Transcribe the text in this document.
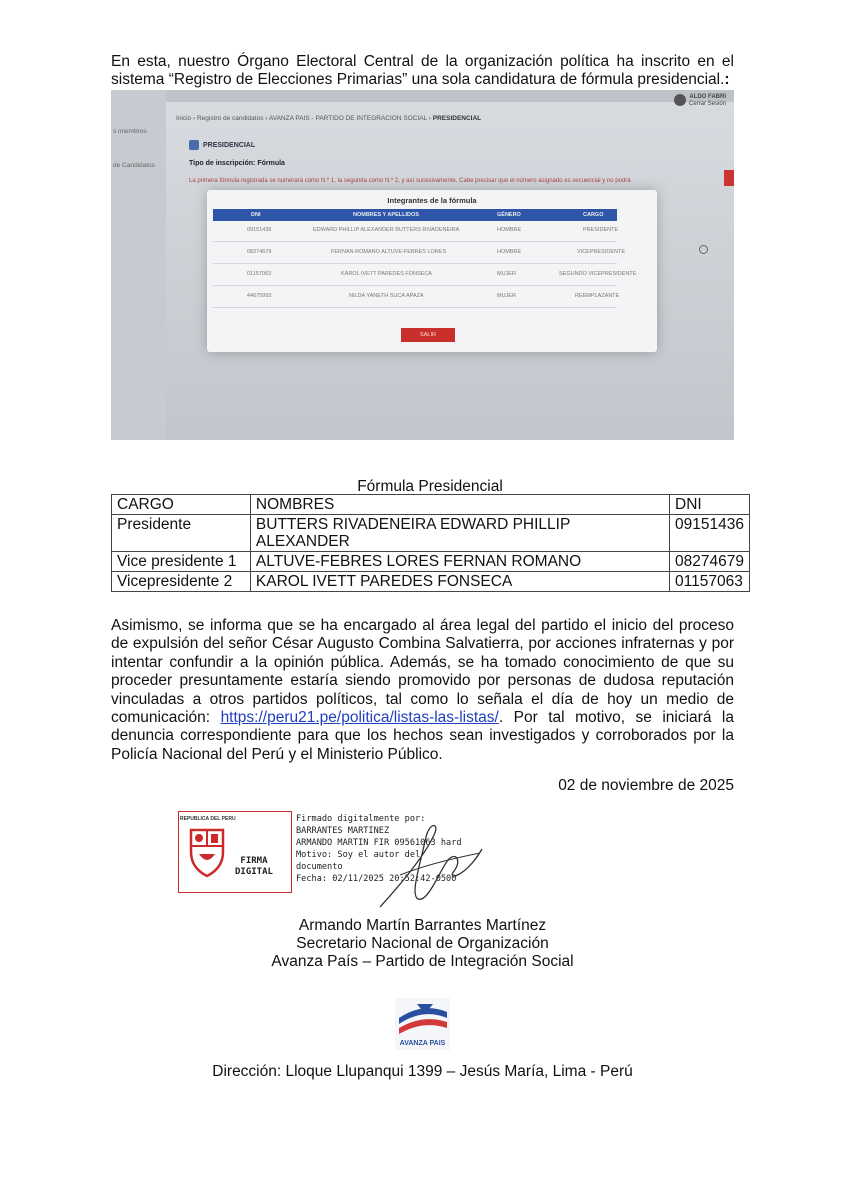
En esta, nuestro Órgano Electoral Central de la organización política ha inscrito en el sistema “Registro de Elecciones Primarias” una sola candidatura de fórmula presidencial.:

s miembros
de Candidatos
ALDO FABRI
Cerrar Sesión
Inicio › Registro de candidatos › AVANZA PAIS - PARTIDO DE INTEGRACION SOCIAL › PRESIDENCIAL
PRESIDENCIAL
Tipo de inscripción: Fórmula
La primera fórmula registrada se numerará como N.º 1, la segunda como N.º 2, y así sucesivamente. Cabe precisar que el número asignado es secuencial y no podrá
Integrantes de la fórmula
DNI	NOMBRES Y APELLIDOS	GÉNERO	CARGO
09151436	EDWARD PHILLIP ALEXANDER BUTTERS RIVADENEIRA	HOMBRE	PRESIDENTE
08274679	FERNAN ROMANO ALTUVE-FEBRES LORES	HOMBRE	VICEPRESIDENTE
01157063	KAROL IVETT PAREDES FONSECA	MUJER	SEGUNDO VICEPRESIDENTE
44675993	NILDA YANETH SUCA APAZA	MUJER	REEMPLAZANTE
SALIR
Fórmula Presidencial
CARGO	NOMBRES	DNI
Presidente	BUTTERS RIVADENEIRA EDWARD PHILLIP ALEXANDER	09151436
Vice presidente 1	ALTUVE-FEBRES LORES FERNAN ROMANO	08274679
Vicepresidente 2	KAROL IVETT PAREDES FONSECA	01157063

Asimismo, se informa que se ha encargado al área legal del partido el inicio del proceso de expulsión del señor César Augusto Combina Salvatierra, por acciones infraternas y por intentar confundir a la opinión pública. Además, se ha tomado conocimiento de que su proceder presuntamente estaría siendo promovido por personas de dudosa reputación vinculadas a otros partidos políticos, tal como lo señala el día de hoy un medio de comunicación: https://peru21.pe/politica/listas-las-listas/. Por tal motivo, se iniciará la denuncia correspondiente para que los hechos sean investigados y corroborados por la Policía Nacional del Perú y el Ministerio Público.

02 de noviembre de 2025
REPUBLICA DEL PERU
FIRMA
DIGITAL
Firmado digitalmente por:
BARRANTES MARTINEZ
ARMANDO MARTIN FIR 09561063 hard
Motivo: Soy el autor del
documento
Fecha: 02/11/2025 20:52:42-0500
Armando Martín Barrantes Martínez
Secretario Nacional de Organización
Avanza País – Partido de Integración Social
AVANZA PAIS
Dirección: Lloque Llupanqui 1399 – Jesús María, Lima - Perú
